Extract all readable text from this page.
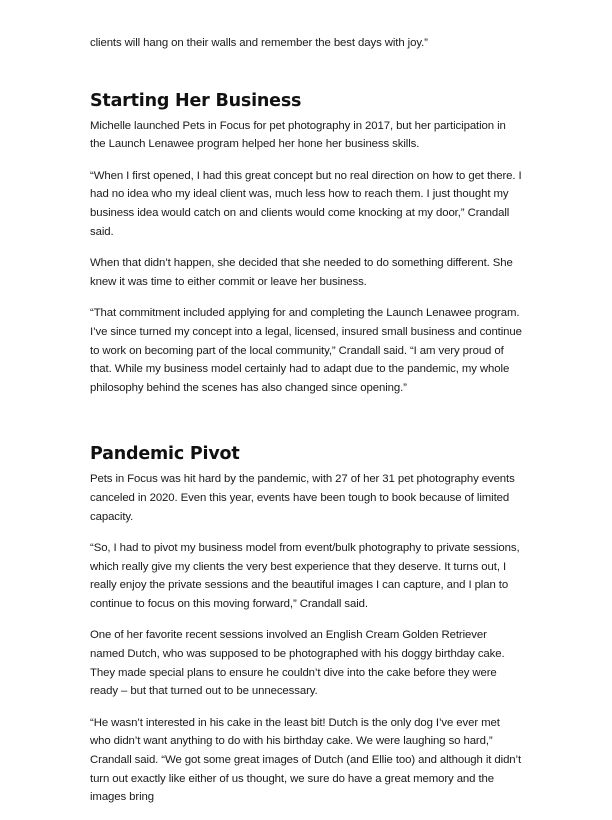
clients will hang on their walls and remember the best days with joy.”

Starting Her Business

Michelle launched Pets in Focus for pet photography in 2017, but her participation in the Launch Lenawee program helped her hone her business skills.

“When I first opened, I had this great concept but no real direction on how to get there. I had no idea who my ideal client was, much less how to reach them. I just thought my business idea would catch on and clients would come knocking at my door,” Crandall said.

When that didn’t happen, she decided that she needed to do something different. She knew it was time to either commit or leave her business.

“That commitment included applying for and completing the Launch Lenawee program. I’ve since turned my concept into a legal, licensed, insured small business and continue to work on becoming part of the local community,” Crandall said. “I am very proud of that. While my business model certainly had to adapt due to the pandemic, my whole philosophy behind the scenes has also changed since opening.”

Pandemic Pivot

Pets in Focus was hit hard by the pandemic, with 27 of her 31 pet photography events canceled in 2020. Even this year, events have been tough to book because of limited capacity.

“So, I had to pivot my business model from event/bulk photography to private sessions, which really give my clients the very best experience that they deserve. It turns out, I really enjoy the private sessions and the beautiful images I can capture, and I plan to continue to focus on this moving forward,” Crandall said.

One of her favorite recent sessions involved an English Cream Golden Retriever named Dutch, who was supposed to be photographed with his doggy birthday cake. They made special plans to ensure he couldn’t dive into the cake before they were ready – but that turned out to be unnecessary.

“He wasn’t interested in his cake in the least bit! Dutch is the only dog I’ve ever met who didn’t want anything to do with his birthday cake. We were laughing so hard,” Crandall said. “We got some great images of Dutch (and Ellie too) and although it didn’t turn out exactly like either of us thought, we sure do have a great memory and the images bring
